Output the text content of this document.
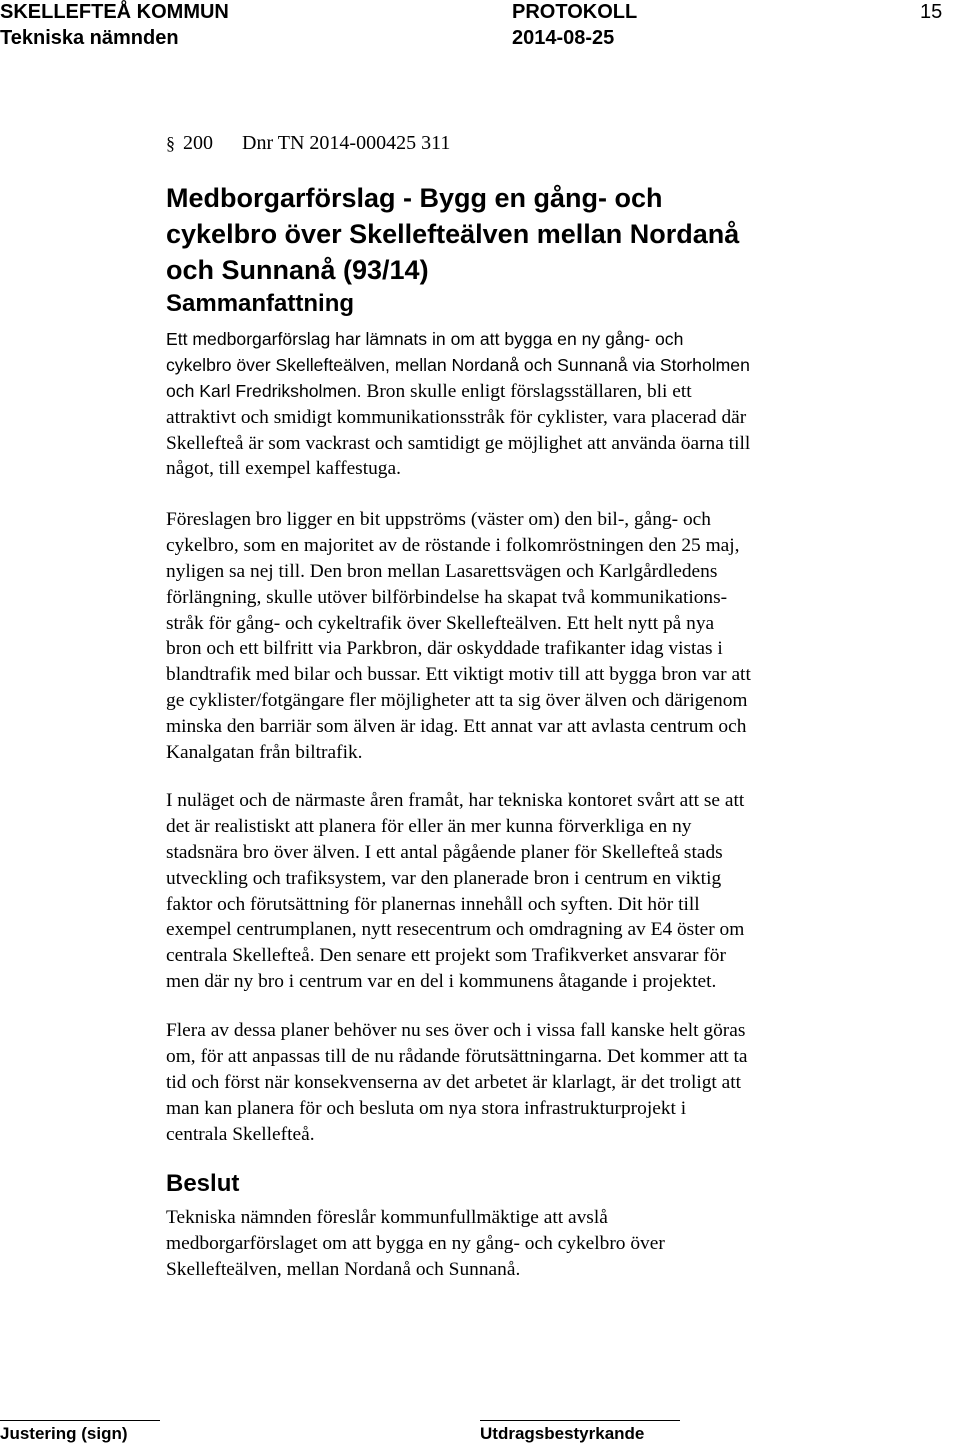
SKELLEFTEÅ KOMMUN
Tekniska nämnden
PROTOKOLL
2014-08-25
15
§ 200 Dnr TN 2014-000425 311
Medborgarförslag - Bygg en gång- och
cykelbro över Skellefteälven mellan Nordanå
och Sunnanå (93/14)
Sammanfattning
Ett medborgarförslag har lämnats in om att bygga en ny gång- och
cykelbro över Skellefteälven, mellan Nordanå och Sunnanå via Storholmen
och Karl Fredriksholmen. Bron skulle enligt förslagsställaren, bli ett
attraktivt och smidigt kommunikationsstråk för cyklister, vara placerad där
Skellefteå är som vackrast och samtidigt ge möjlighet att använda öarna till
något, till exempel kaffestuga.
Föreslagen bro ligger en bit uppströms (väster om) den bil-, gång- och
cykelbro, som en majoritet av de röstande i folkomröstningen den 25 maj,
nyligen sa nej till. Den bron mellan Lasarettsvägen och Karlgårdledens
förlängning, skulle utöver bilförbindelse ha skapat två kommunikations-
stråk för gång- och cykeltrafik över Skellefteälven. Ett helt nytt på nya
bron och ett bilfritt via Parkbron, där oskyddade trafikanter idag vistas i
blandtrafik med bilar och bussar. Ett viktigt motiv till att bygga bron var att
ge cyklister/fotgängare fler möjligheter att ta sig över älven och därigenom
minska den barriär som älven är idag. Ett annat var att avlasta centrum och
Kanalgatan från biltrafik.
I nuläget och de närmaste åren framåt, har tekniska kontoret svårt att se att
det är realistiskt att planera för eller än mer kunna förverkliga en ny
stadsnära bro över älven. I ett antal pågående planer för Skellefteå stads
utveckling och trafiksystem, var den planerade bron i centrum en viktig
faktor och förutsättning för planernas innehåll och syften. Dit hör till
exempel centrumplanen, nytt resecentrum och omdragning av E4 öster om
centrala Skellefteå. Den senare ett projekt som Trafikverket ansvarar för
men där ny bro i centrum var en del i kommunens åtagande i projektet.
Flera av dessa planer behöver nu ses över och i vissa fall kanske helt göras
om, för att anpassas till de nu rådande förutsättningarna. Det kommer att ta
tid och först när konsekvenserna av det arbetet är klarlagt, är det troligt att
man kan planera för och besluta om nya stora infrastrukturprojekt i
centrala Skellefteå.
Beslut
Tekniska nämnden föreslår kommunfullmäktige att avslå
medborgarförslaget om att bygga en ny gång- och cykelbro över
Skellefteälven, mellan Nordanå och Sunnanå.
Justering (sign)	Utdragsbestyrkande
